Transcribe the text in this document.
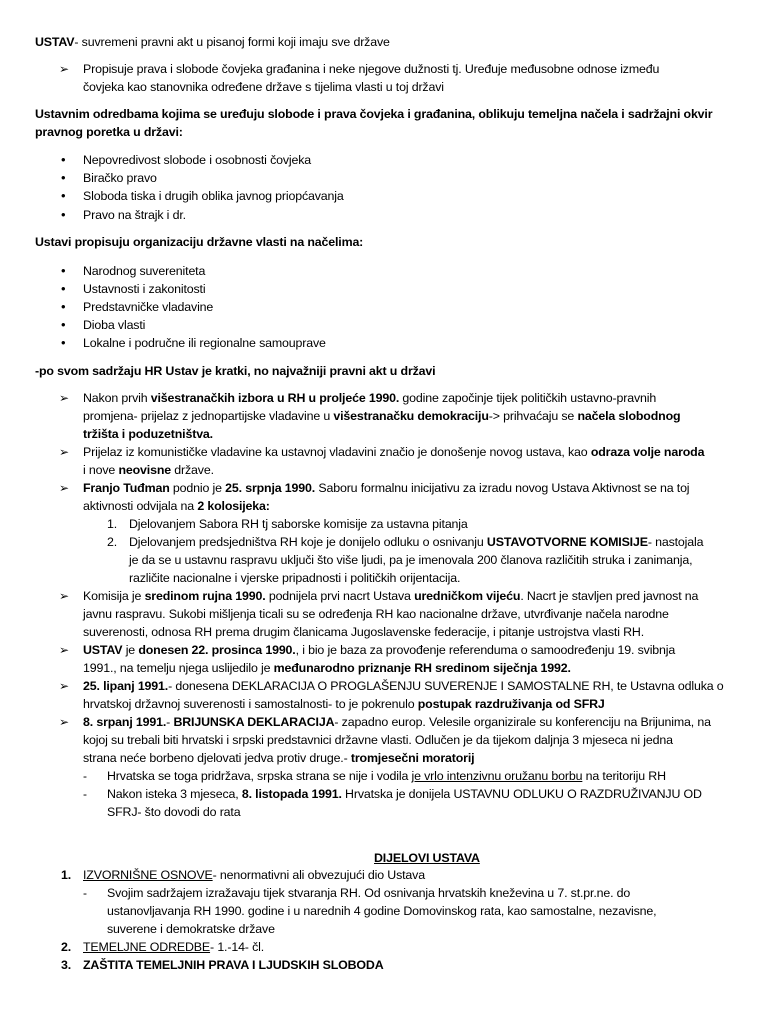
USTAV- suvremeni pravni akt u pisanoj formi koji imaju sve države
➢ Propisuje prava i slobode čovjeka građanina i neke njegove dužnosti tj. Uređuje međusobne odnose između
čovjeka kao stanovnika određene države s tijelima vlasti u toj državi
Ustavnim odredbama kojima se uređuju slobode i prava čovjeka i građanina, oblikuju temeljna načela i sadržajni okvir
pravnog poretka u državi:
• Nepovredivost slobode i osobnosti čovjeka
• Biračko pravo
• Sloboda tiska i drugih oblika javnog priopćavanja
• Pravo na štrajk i dr.
Ustavi propisuju organizaciju državne vlasti na načelima:
• Narodnog suvereniteta
• Ustavnosti i zakonitosti
• Predstavničke vladavine
• Dioba vlasti
• Lokalne i područne ili regionalne samouprave
-po svom sadržaju HR Ustav je kratki, no najvažniji pravni akt u državi
➢ Nakon prvih višestranačkih izbora u RH u proljeće 1990. godine započinje tijek političkih ustavno-pravnih
promjena- prijelaz z jednopartijske vladavine u višestranačku demokraciju-> prihvaćaju se načela slobodnog
tržišta i poduzetništva.
➢ Prijelaz iz komunističke vladavine ka ustavnoj vladavini značio je donošenje novog ustava, kao odraza volje naroda
i nove neovisne države.
➢ Franjo Tuđman podnio je 25. srpnja 1990. Saboru formalnu inicijativu za izradu novog Ustava Aktivnost se na toj
aktivnosti odvijala na 2 kolosijeka:
1. Djelovanjem Sabora RH tj saborske komisije za ustavna pitanja
2. Djelovanjem predsjedništva RH koje je donijelo odluku o osnivanju USTAVOTVORNE KOMISIJE- nastojala
je da se u ustavnu raspravu uključi što više ljudi, pa je imenovala 200 članova različitih struka i zanimanja,
različite nacionalne i vjerske pripadnosti i političkih orijentacija.
➢ Komisija je sredinom rujna 1990. podnijela prvi nacrt Ustava uredničkom vijeću. Nacrt je stavljen pred javnost na
javnu raspravu. Sukobi mišljenja ticali su se određenja RH kao nacionalne države, utvrđivanje načela narodne
suverenosti, odnosa RH prema drugim članicama Jugoslavenske federacije, i pitanje ustrojstva vlasti RH.
➢ USTAV je donesen 22. prosinca 1990., i bio je baza za provođenje referenduma o samoodređenju 19. svibnja
1991., na temelju njega uslijedilo je međunarodno priznanje RH sredinom siječnja 1992.
➢ 25. lipanj 1991.- donesena DEKLARACIJA O PROGLAŠENJU SUVERENJE I SAMOSTALNE RH, te Ustavna odluka o
hrvatskoj državnoj suverenosti i samostalnosti- to je pokrenulo postupak razdruživanja od SFRJ
➢ 8. srpanj 1991.- BRIJUNSKA DEKLARACIJA- zapadno europ. Velesile organizirale su konferenciju na Brijunima, na
kojoj su trebali biti hrvatski i srpski predstavnici državne vlasti. Odlučen je da tijekom daljnja 3 mjeseca ni jedna
strana neće borbeno djelovati jedva protiv druge.- tromjesečni moratorij
- Hrvatska se toga pridržava, srpska strana se nije i vodila je vrlo intenzivnu oružanu borbu na teritoriju RH
- Nakon isteka 3 mjeseca, 8. listopada 1991. Hrvatska je donijela USTAVNU ODLUKU O RAZDRUŽIVANJU OD
SFRJ- što dovodi do rata
DIJELOVI USTAVA
1. IZVORNIŠNE OSNOVE- nenormativni ali obvezujući dio Ustava
- Svojim sadržajem izražavaju tijek stvaranja RH. Od osnivanja hrvatskih kneževina u 7. st.pr.ne. do
ustanovljavanja RH 1990. godine i u narednih 4 godine Domovinskog rata, kao samostalne, nezavisne,
suverene i demokratske države
2. TEMELJNE ODREDBE- 1.-14- čl.
3. ZAŠTITA TEMELJNIH PRAVA I LJUDSKIH SLOBODA
